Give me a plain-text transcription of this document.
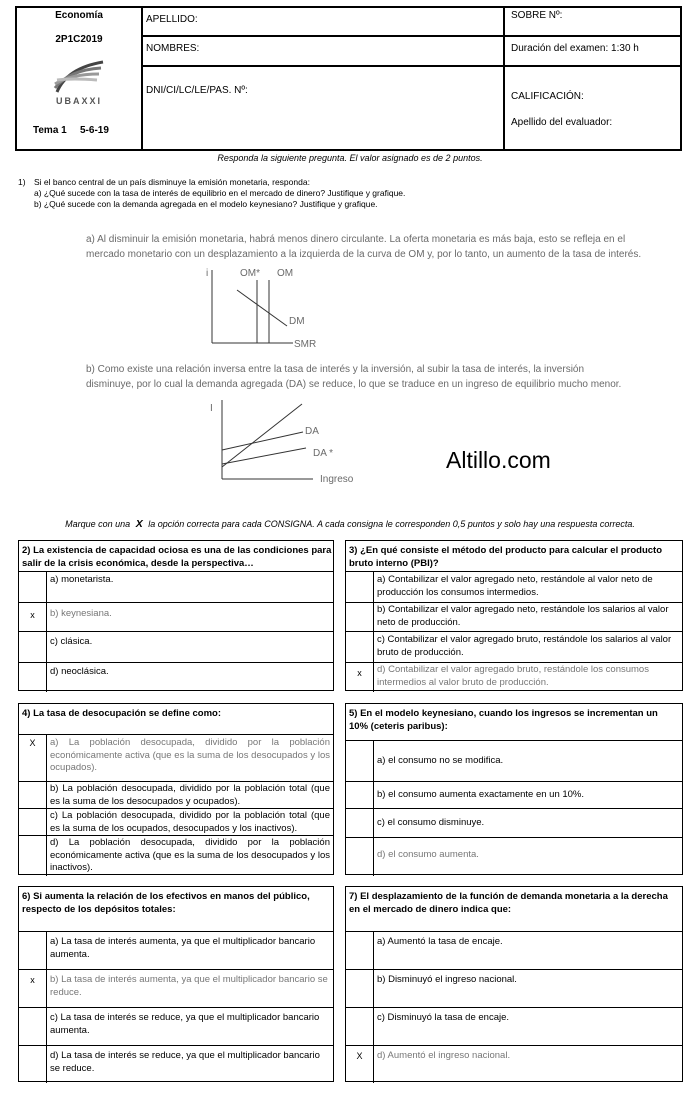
Economía
2P1C2019
UBAXXI
Tema 1 5-6-19
APELLIDO:
NOMBRES:
DNI/CI/LC/LE/PAS. Nº:
SOBRE Nº:
Duración del examen: 1:30 h
CALIFICACIÓN:
Apellido del evaluador:
Responda la siguiente pregunta. El valor asignado es de 2 puntos.
1) Si el banco central de un país disminuye la emisión monetaria, responda:
a) ¿Qué sucede con la tasa de interés de equilibrio en el mercado de dinero? Justifique y grafique.
b) ¿Qué sucede con la demanda agregada en el modelo keynesiano? Justifique y grafique.
a) Al disminuir la emisión monetaria, habrá menos dinero circulante. La oferta monetaria es más baja, esto se refleja en el
mercado monetario con un desplazamiento a la izquierda de la curva de OM y, por lo tanto, un aumento de la tasa de interés.
i	OM* OM
DM
SMR
b) Como existe una relación inversa entre la tasa de interés y la inversión, al subir la tasa de interés, la inversión
disminuye, por lo cual la demanda agregada (DA) se reduce, lo que se traduce en un ingreso de equilibrio mucho menor.
I
DA
DA *
Ingreso
Altillo.com
Marque con una X la opción correcta para cada CONSIGNA. A cada consigna le corresponden 0,5 puntos y solo hay una respuesta correcta.
2) La existencia de capacidad ociosa es una de las condiciones para salir de la crisis económica, desde la perspectiva…
a) monetarista.
x	b) keynesiana.
c) clásica.
d) neoclásica.
3) ¿En qué consiste el método del producto para calcular el producto bruto interno (PBI)?
a) Contabilizar el valor agregado neto, restándole al valor neto de producción los consumos intermedios.
b) Contabilizar el valor agregado neto, restándole los salarios al valor neto de producción.
c) Contabilizar el valor agregado bruto, restándole los salarios al valor bruto de producción.
x	d) Contabilizar el valor agregado bruto, restándole los consumos intermedios al valor bruto de producción.
4) La tasa de desocupación se define como:
X	a) La población desocupada, dividido por la población económicamente activa (que es la suma de los desocupados y los ocupados).
b) La población desocupada, dividido por la población total (que es la suma de los desocupados y ocupados).
c) La población desocupada, dividido por la población total (que es la suma de los ocupados, desocupados y los inactivos).
d) La población desocupada, dividido por la población económicamente activa (que es la suma de los desocupados y los inactivos).
5) En el modelo keynesiano, cuando los ingresos se incrementan un 10% (ceteris paribus):
a) el consumo no se modifica.
b) el consumo aumenta exactamente en un 10%.
c) el consumo disminuye.
d) el consumo aumenta.
6) Si aumenta la relación de los efectivos en manos del público, respecto de los depósitos totales:
a) La tasa de interés aumenta, ya que el multiplicador bancario aumenta.
x	b) La tasa de interés aumenta, ya que el multiplicador bancario se reduce.
c) La tasa de interés se reduce, ya que el multiplicador bancario aumenta.
d) La tasa de interés se reduce, ya que el multiplicador bancario se reduce.
7) El desplazamiento de la función de demanda monetaria a la derecha en el mercado de dinero indica que:
a) Aumentó la tasa de encaje.
b) Disminuyó el ingreso nacional.
c) Disminuyó la tasa de encaje.
X	d) Aumentó el ingreso nacional.
